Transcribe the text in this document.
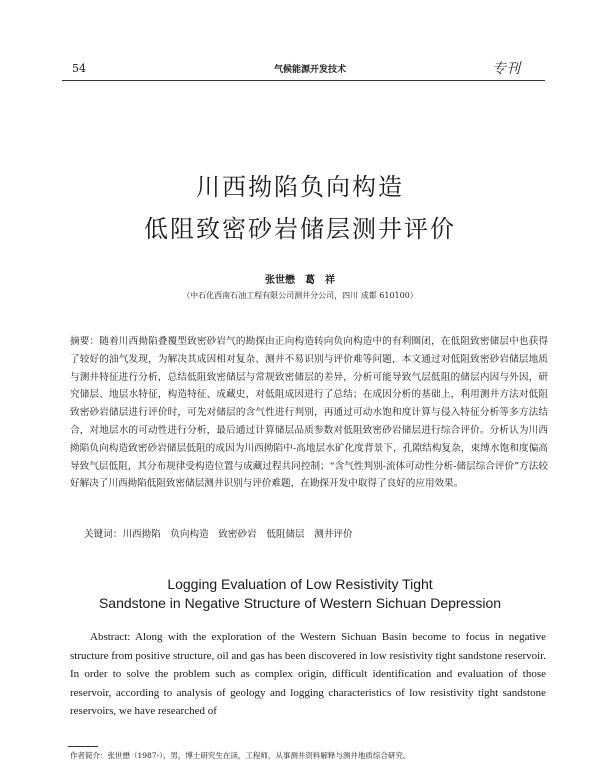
54	气候能源开发技术	专刊
川西拗陷负向构造
低阻致密砂岩储层测井评价
张世懋　葛　祥
（中石化西南石油工程有限公司测井分公司，四川 成都 610100）
摘要：随着川西拗陷叠覆型致密砂岩气的勘探由正向构造转向负向构造中的有利圈闭，在低阻致密储层中也获得了较好的油气发现，为解决其成因相对复杂、测井不易识别与评价难等问题，本文通过对低阻致密砂岩储层地质与测井特征进行分析，总结低阻致密储层与常规致密储层的差异，分析可能导致气层低阻的储层内因与外因，研究储层、地层水特征，构造特征、成藏史，对低阻成因进行了总结；在成因分析的基础上，利用测井方法对低阻致密砂岩储层进行评价时，可先对储层的含气性进行判别，再通过可动水饱和度计算与侵入特征分析等多方法结合，对地层水的可动性进行分析，最后通过计算储层品质参数对低阻致密砂岩储层进行综合评价。分析认为川西拗陷负向构造致密砂岩储层低阻的成因为川西拗陷中-高地层水矿化度背景下，孔隙结构复杂，束缚水饱和度偏高导致气层低阻，其分布规律受构造位置与成藏过程共同控制；“含气性判别-流体可动性分析-储层综合评价”方法较好解决了川西拗陷低阻致密储层测井识别与评价难题，在勘探开发中取得了良好的应用效果。
关键词：川西拗陷　负向构造　致密砂岩　低阻储层　测井评价
Logging Evaluation of Low Resistivity Tight
Sandstone in Negative Structure of Western Sichuan Depression
Abstract: Along with the exploration of the Western Sichuan Basin become to focus in negative structure from positive structure, oil and gas has been discovered in low resistivity tight sandstone reservoir. In order to solve the problem such as complex origin, difficult identification and evaluation of those reservoir, according to analysis of geology and logging characteristics of low resistivity tight sandstone reservoirs, we have researched of
作者简介：张世懋（1987-），男，博士研究生在读，工程师，从事测井资料解释与测井地质综合研究。
